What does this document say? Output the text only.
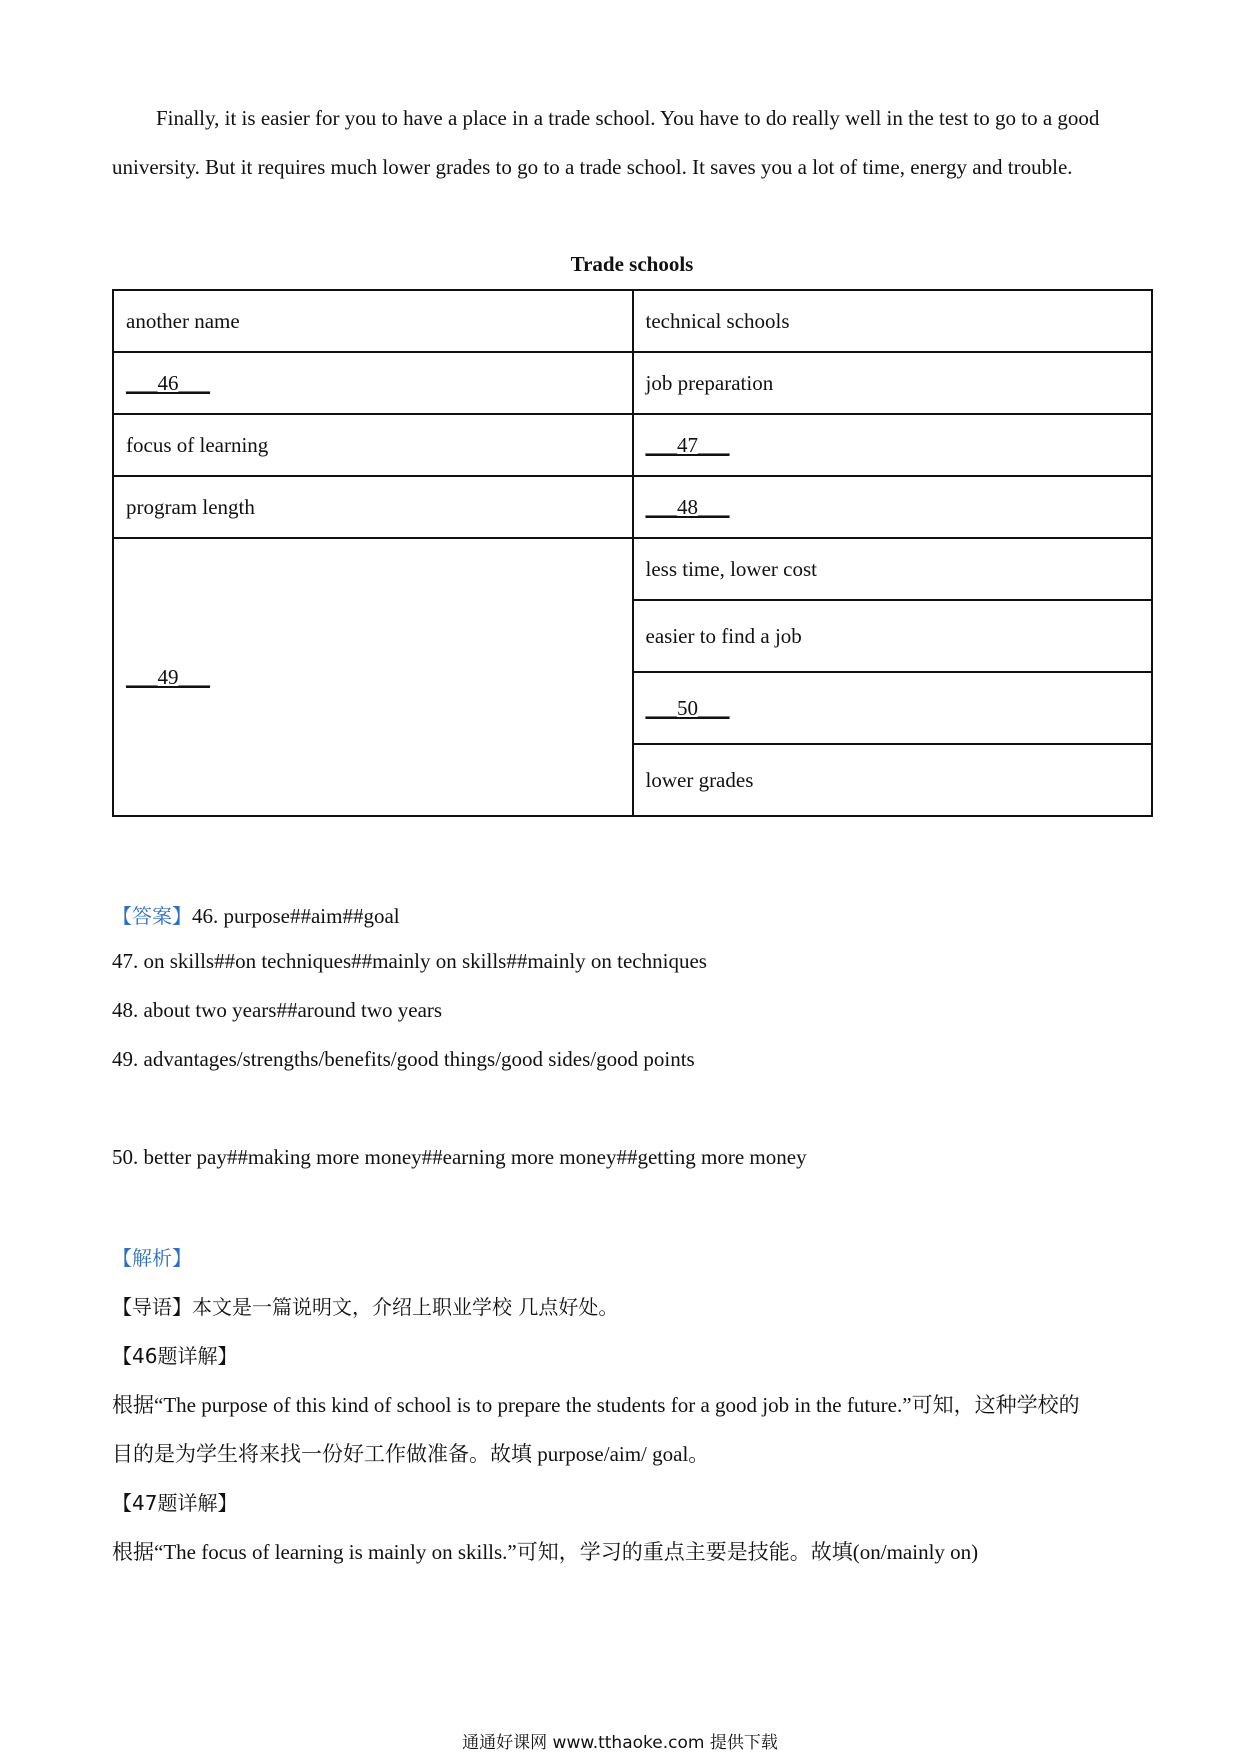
Finally, it is easier for you to have a place in a trade school. You have to do really well in the test to go to a good university. But it requires much lower grades to go to a trade school. It saves you a lot of time, energy and trouble.

Trade schools
another name	technical schools
___46___	job preparation
focus of learning	___47___
program length	___48___
___49___	less time, lower cost
	easier to find a job
	___50___
	lower grades

【答案】46. purpose##aim##goal

47. on skills##on techniques##mainly on skills##mainly on techniques

48. about two years##around two years

49. advantages/strengths/benefits/good things/good sides/good points

50. better pay##making more money##earning more money##getting more money

【解析】

【导语】本文是一篇说明文，介绍上职业学校 几点好处。

【46题详解】

根据“The purpose of this kind of school is to prepare the students for a good job in the future.”可知，这种学校的

目的是为学生将来找一份好工作做准备。故填 purpose/aim/ goal。

【47题详解】

根据“The focus of learning is mainly on skills.”可知，学习的重点主要是技能。故填(on/mainly on)

通通好课网 www.tthaoke.com 提供下载
